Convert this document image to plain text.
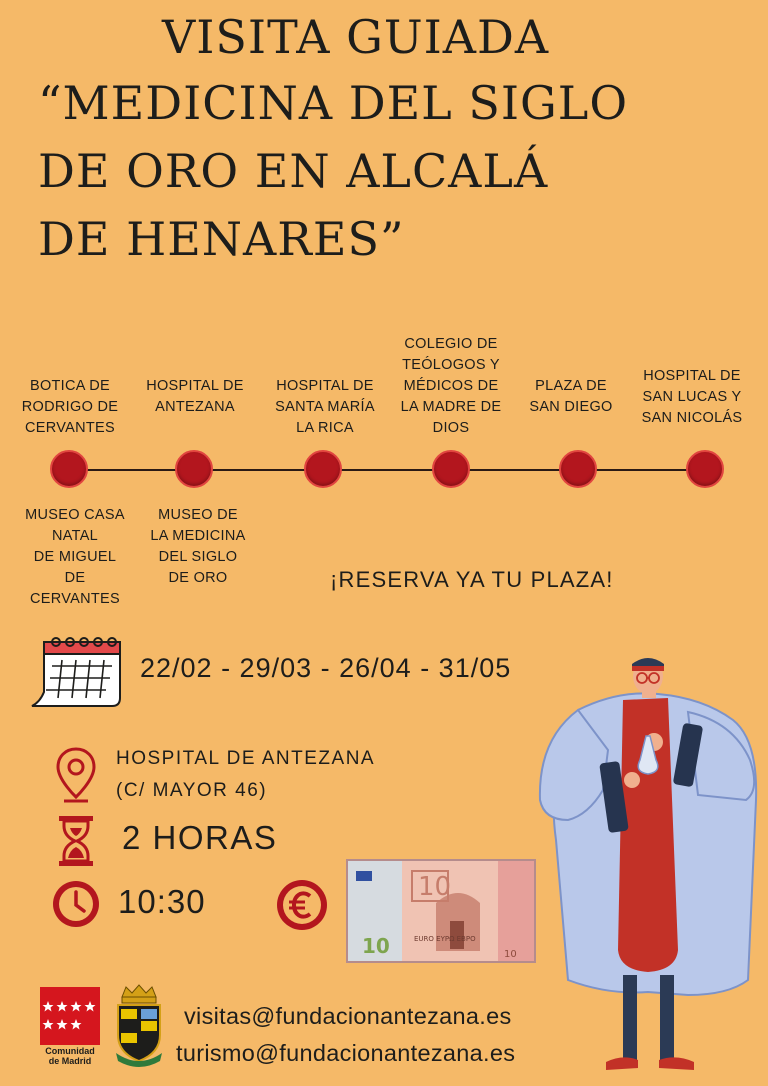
VISITA GUIADA
“MEDICINA DEL SIGLO
DE ORO EN ALCALÁ
DE HENARES”
BOTICA DE
RODRIGO DE
CERVANTES
HOSPITAL DE
ANTEZANA
HOSPITAL DE
SANTA MARÍA
LA RICA
COLEGIO DE
TEÓLOGOS Y
MÉDICOS DE
LA MADRE DE
DIOS
PLAZA DE
SAN DIEGO
HOSPITAL DE
SAN LUCAS Y
SAN NICOLÁS
MUSEO CASA
NATAL
DE MIGUEL
DE
CERVANTES
MUSEO DE
LA MEDICINA
DEL SIGLO
DE ORO	¡RESERVA YA TU PLAZA!
22/02 - 29/03 - 26/04 - 31/05
HOSPITAL DE ANTEZANA
(C/ MAYOR 46)
2 HORAS
10:30	10
10	EURO ΕΥΡΩ ЕВРО
10
Comunidad
de Madrid
visitas@fundacionantezana.es
turismo@fundacionantezana.es
